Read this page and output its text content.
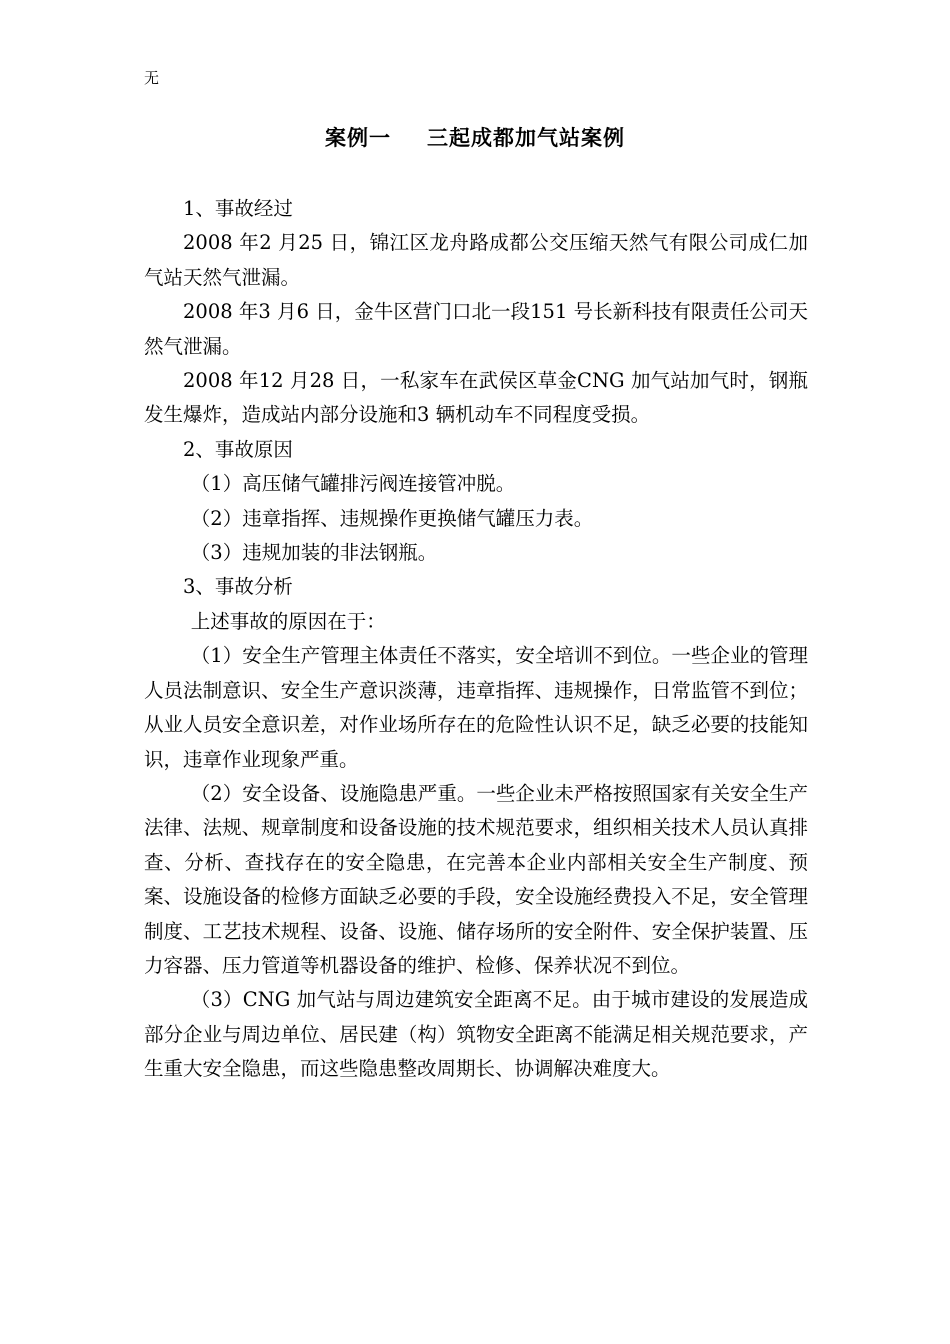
无
案例一 三起成都加气站案例

1、事故经过

2008 年2 月25 日，锦江区龙舟路成都公交压缩天然气有限公司成仁加气站天然气泄漏。

2008 年3 月6 日，金牛区营门口北一段151 号长新科技有限责任公司天然气泄漏。

2008 年12 月28 日，一私家车在武侯区草金CNG 加气站加气时，钢瓶发生爆炸，造成站内部分设施和3 辆机动车不同程度受损。

2、事故原因

（1）高压储气罐排污阀连接管冲脱。

（2）违章指挥、违规操作更换储气罐压力表。

（3）违规加装的非法钢瓶。

3、事故分析

上述事故的原因在于：

（1）安全生产管理主体责任不落实，安全培训不到位。一些企业的管理人员法制意识、安全生产意识淡薄，违章指挥、违规操作，日常监管不到位；从业人员安全意识差，对作业场所存在的危险性认识不足，缺乏必要的技能知识，违章作业现象严重。

（2）安全设备、设施隐患严重。一些企业未严格按照国家有关安全生产法律、法规、规章制度和设备设施的技术规范要求，组织相关技术人员认真排查、分析、查找存在的安全隐患，在完善本企业内部相关安全生产制度、预案、设施设备的检修方面缺乏必要的手段，安全设施经费投入不足，安全管理制度、工艺技术规程、设备、设施、储存场所的安全附件、安全保护装置、压力容器、压力管道等机器设备的维护、检修、保养状况不到位。

（3）CNG 加气站与周边建筑安全距离不足。由于城市建设的发展造成部分企业与周边单位、居民建（构）筑物安全距离不能满足相关规范要求，产生重大安全隐患，而这些隐患整改周期长、协调解决难度大。
